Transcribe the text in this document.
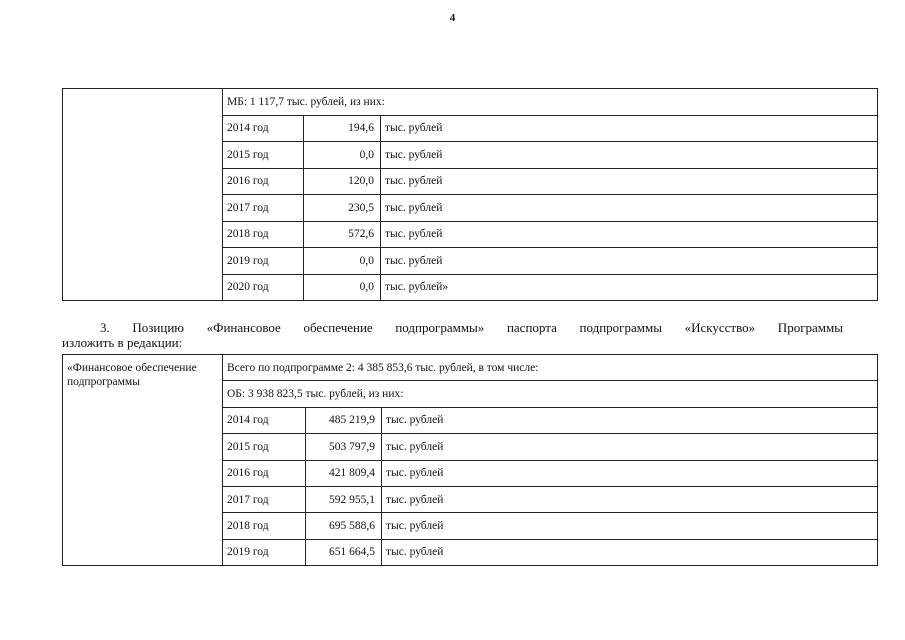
4
	МБ: 1 117,7 тыс. рублей, из них:		
	2014 год	194,6	тыс. рублей
	2015 год	0,0	тыс. рублей
	2016 год	120,0	тыс. рублей
	2017 год	230,5	тыс. рублей
	2018 год	572,6	тыс. рублей
	2019 год	0,0	тыс. рублей
	2020 год	0,0	тыс. рублей»
3. Позицию «Финансовое обеспечение подпрограммы» паспорта подпрограммы «Искусство» Программы
изложить в редакции:
«Финансовое обеспечение подпрограммы	Всего по подпрограмме 2: 4 385 853,6 тыс. рублей, в том числе:		
	ОБ: 3 938 823,5 тыс. рублей, из них:		
	2014 год	485 219,9	тыс. рублей
	2015 год	503 797,9	тыс. рублей
	2016 год	421 809,4	тыс. рублей
	2017 год	592 955,1	тыс. рублей
	2018 год	695 588,6	тыс. рублей
	2019 год	651 664,5	тыс. рублей
